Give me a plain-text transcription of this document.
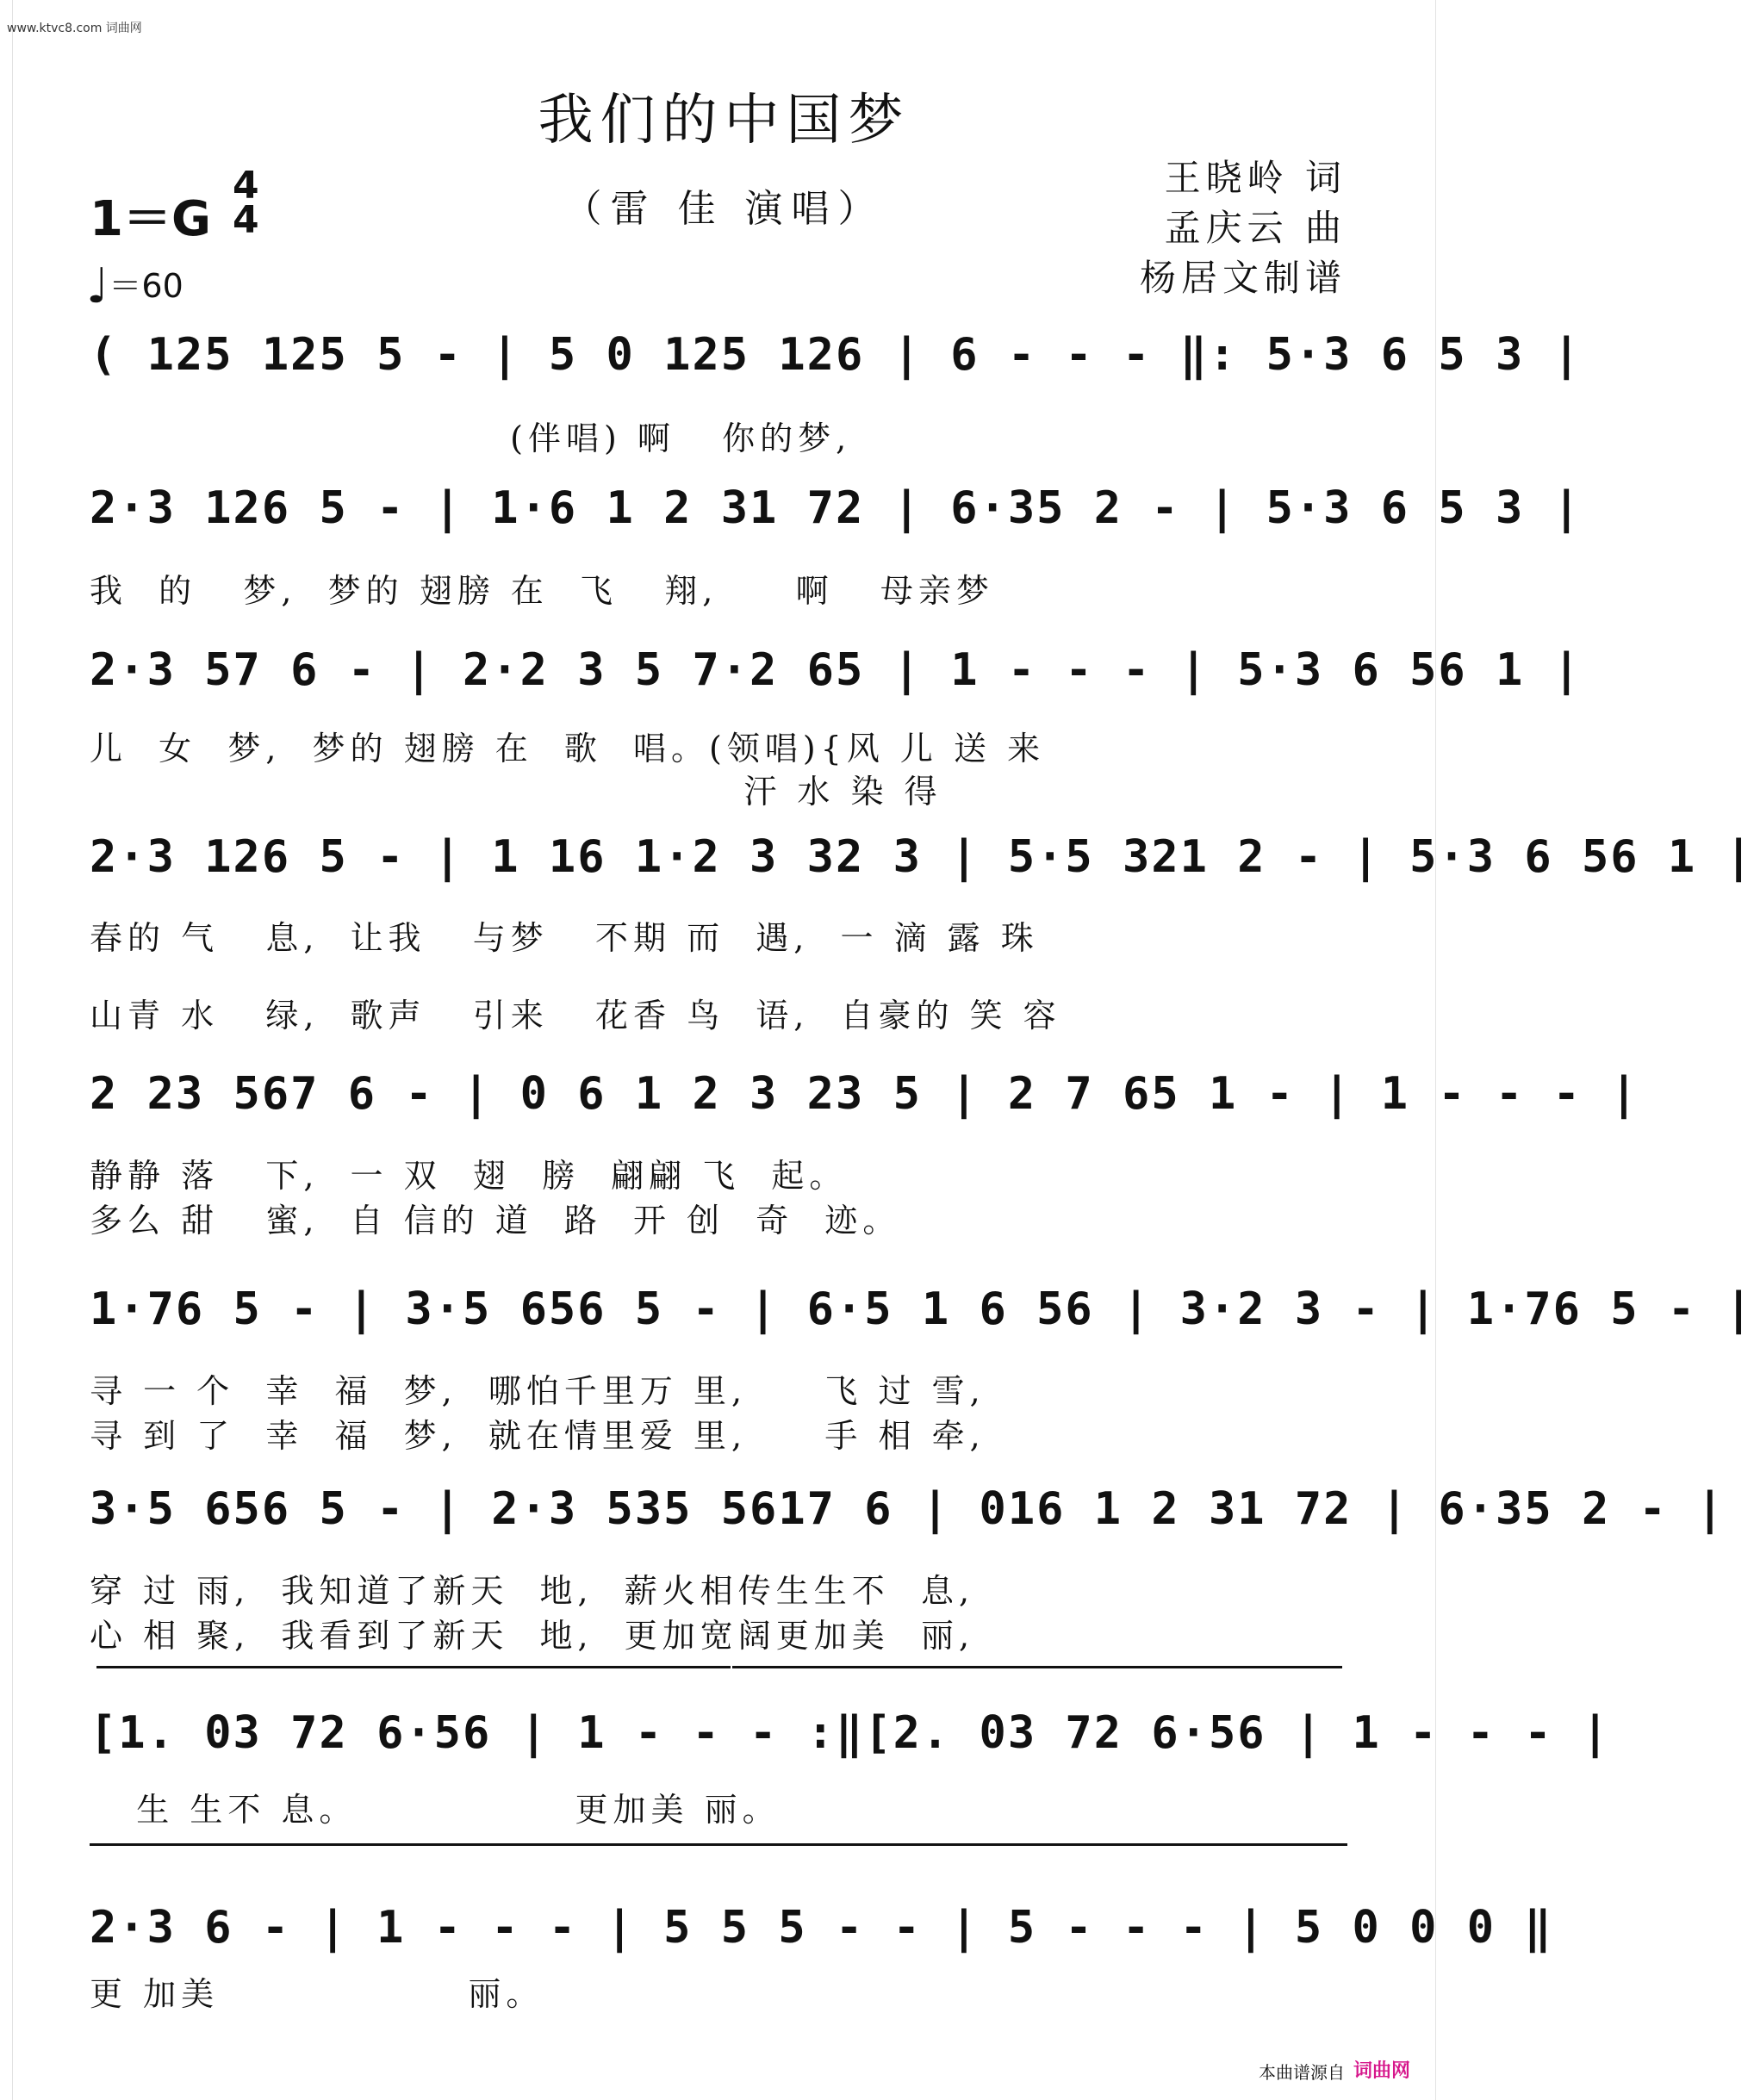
www.ktvc8.com 词曲网
我们的中国梦
（雷 佳 演唱）
1＝G
4
4
♩＝60
王晓岭 词
孟庆云 曲
杨居文制谱
( 125 125 5 - | 5 0 125 126 | 6 - - - ‖: 5·3 6 5 3 |
(伴唱) 啊   你的梦,
2·3 126 5 - | 1·6 1 2 31 72 | 6·35 2 - | 5·3 6 5 3 |
我  的   梦,  梦的 翅膀 在  飞   翔,     啊   母亲梦
2·3 57 6 - | 2·2 3 5 7·2 65 | 1 - - - | 5·3 6 56 1 |
儿  女  梦,  梦的 翅膀 在  歌  唱。(领唱){风 儿 送 来
汗 水 染 得
2·3 126 5 - | 1 16 1·2 3 32 3 | 5·5 321 2 - | 5·3 6 56 1 |
春的 气   息,  让我   与梦   不期 而  遇,  一 滴 露 珠
山青 水   绿,  歌声   引来   花香 鸟  语,  自豪的 笑 容
2 23 567 6 - | 0 6 1 2 3 23 5 | 2 7 65 1 - | 1 - - - |
静静 落   下,  一 双  翅  膀  翩翩 飞  起。
多么 甜   蜜,  自 信的 道  路  开 创  奇  迹。
1·76 5 - | 3·5 656 5 - | 6·5 1 6 56 | 3·2 3 - | 1·76 5 - |
寻 一 个  幸  福  梦,  哪怕千里万 里,     飞 过 雪,
寻 到 了  幸  福  梦,  就在情里爱 里,     手 相 牵,
3·5 656 5 - | 2·3 535 5617 6 | 016 1 2 31 72 | 6·35 2 - |
穿 过 雨,  我知道了新天  地,  薪火相传生生不  息,
心 相 聚,  我看到了新天  地,  更加宽阔更加美  丽,
[1. 03 72 6·56 | 1 - - - :‖[2. 03 72 6·56 | 1 - - - |
生 生不 息。              更加美 丽。
2·3 6 - | 1 - - - | 5 5 5 - - | 5 - - - | 5 0 0 0 ‖
更 加美                丽。
本曲谱源自 词曲网
